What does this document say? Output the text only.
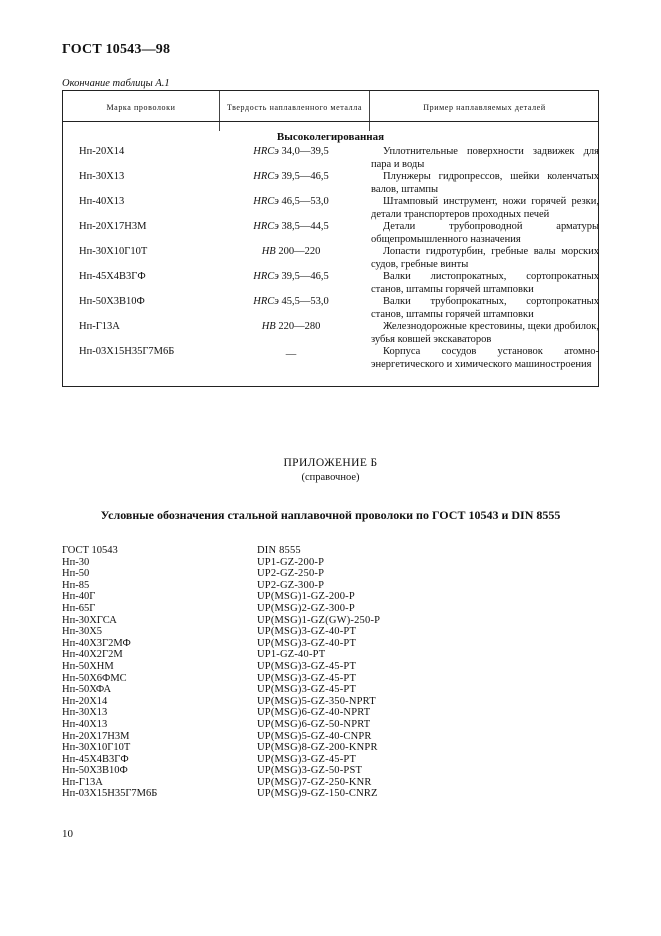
ГОСТ 10543—98
Окончание таблицы А.1
Марка проволоки	Твердость наплавленного металла	Пример наплавляемых деталей
Высоколегированная
Нп-20Х14	HRCэ 34,0—39,5	Уплотнительные поверхности задвижек для пара и воды
Нп-30Х13	HRCэ 39,5—46,5	Плунжеры гидропрессов, шейки коленчатых валов, штампы
Нп-40Х13	HRCэ 46,5—53,0	Штамповый инструмент, ножи горячей резки, детали транспортеров проходных печей
Нп-20Х17Н3М	HRCэ 38,5—44,5	Детали трубопроводной арматуры общепромышленного назначения
Нп-30Х10Г10Т	НВ 200—220	Лопасти гидротурбин, гребные валы морских судов, гребные винты
Нп-45Х4В3ГФ	HRCэ 39,5—46,5	Валки листопрокатных, сортопрокатных станов, штампы горячей штамповки
Нп-50Х3В10Ф	HRCэ 45,5—53,0	Валки трубопрокатных, сортопрокатных станов, штампы горячей штамповки
Нп-Г13А	НВ 220—280	Железнодорожные крестовины, щеки дробилок, зубья ковшей экскаваторов
Нп-03Х15Н35Г7М6Б	—	Корпуса сосудов установок атомно-энергетического и химического машиностроения
ПРИЛОЖЕНИЕ Б
(справочное)
Условные обозначения стальной наплавочной проволоки по ГОСТ 10543 и DIN 8555
ГОСТ 10543	DIN 8555
Нп-30	UP1-GZ-200-P
Нп-50	UP2-GZ-250-P
Нп-85	UP2-GZ-300-P
Нп-40Г	UP(MSG)1-GZ-200-P
Нп-65Г	UP(MSG)2-GZ-300-P
Нп-30ХГСА	UP(MSG)1-GZ(GW)-250-P
Нп-30Х5	UP(MSG)3-GZ-40-PT
Нп-40Х3Г2МФ	UP(MSG)3-GZ-40-PT
Нп-40Х2Г2М	UP1-GZ-40-PT
Нп-50ХНМ	UP(MSG)3-GZ-45-PT
Нп-50Х6ФМС	UP(MSG)3-GZ-45-PT
Нп-50ХФА	UP(MSG)3-GZ-45-PT
Нп-20Х14	UP(MSG)5-GZ-350-NPRT
Нп-30Х13	UP(MSG)6-GZ-40-NPRT
Нп-40Х13	UP(MSG)6-GZ-50-NPRT
Нп-20Х17Н3М	UP(MSG)5-GZ-40-CNPR
Нп-30Х10Г10Т	UP(MSG)8-GZ-200-KNPR
Нп-45Х4В3ГФ	UP(MSG)3-GZ-45-PT
Нп-50Х3В10Ф	UP(MSG)3-GZ-50-PST
Нп-Г13А	UP(MSG)7-GZ-250-KNR
Нп-03Х15Н35Г7М6Б	UP(MSG)9-GZ-150-CNRZ
10
